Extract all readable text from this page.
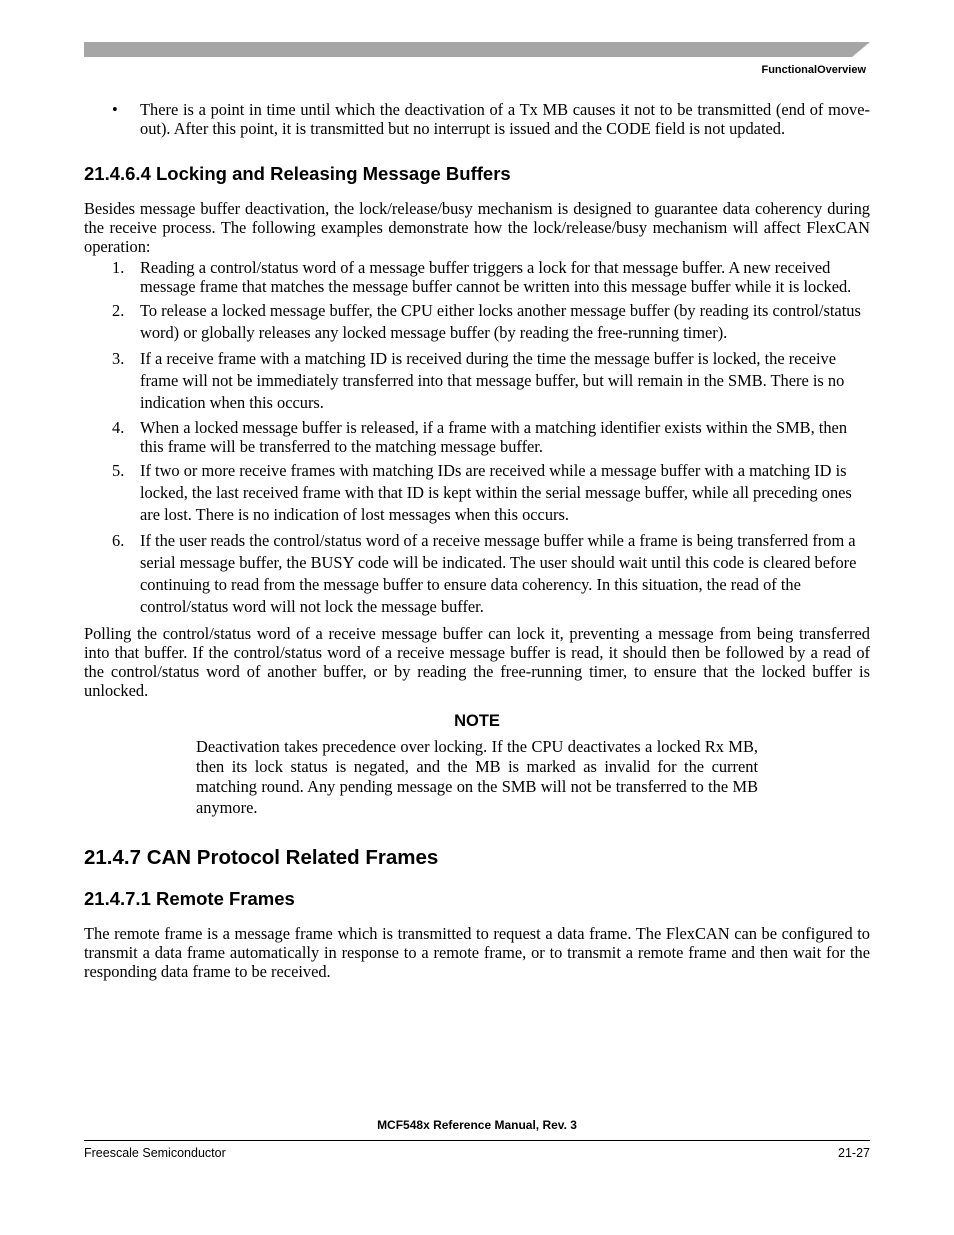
FunctionalOverview
• There is a point in time until which the deactivation of a Tx MB causes it not to be transmitted (end of move-out). After this point, it is transmitted but no interrupt is issued and the CODE field is not updated.

21.4.6.4 Locking and Releasing Message Buffers

Besides message buffer deactivation, the lock/release/busy mechanism is designed to guarantee data coherency during the receive process. The following examples demonstrate how the lock/release/busy mechanism will affect FlexCAN operation:

1. Reading a control/status word of a message buffer triggers a lock for that message buffer. A new received message frame that matches the message buffer cannot be written into this message buffer while it is locked.
2. To release a locked message buffer, the CPU either locks another message buffer (by reading its control/status word) or globally releases any locked message buffer (by reading the free-running timer).
3. If a receive frame with a matching ID is received during the time the message buffer is locked, the receive frame will not be immediately transferred into that message buffer, but will remain in the SMB. There is no indication when this occurs.
4. When a locked message buffer is released, if a frame with a matching identifier exists within the SMB, then this frame will be transferred to the matching message buffer.
5. If two or more receive frames with matching IDs are received while a message buffer with a matching ID is locked, the last received frame with that ID is kept within the serial message buffer, while all preceding ones are lost. There is no indication of lost messages when this occurs.
6. If the user reads the control/status word of a receive message buffer while a frame is being transferred from a serial message buffer, the BUSY code will be indicated. The user should wait until this code is cleared before continuing to read from the message buffer to ensure data coherency. In this situation, the read of the control/status word will not lock the message buffer.

Polling the control/status word of a receive message buffer can lock it, preventing a message from being transferred into that buffer. If the control/status word of a receive message buffer is read, it should then be followed by a read of the control/status word of another buffer, or by reading the free-running timer, to ensure that the locked buffer is unlocked.

NOTE

Deactivation takes precedence over locking. If the CPU deactivates a locked Rx MB, then its lock status is negated, and the MB is marked as invalid for the current matching round. Any pending message on the SMB will not be transferred to the MB anymore.

21.4.7 CAN Protocol Related Frames
21.4.7.1 Remote Frames

The remote frame is a message frame which is transmitted to request a data frame. The FlexCAN can be configured to transmit a data frame automatically in response to a remote frame, or to transmit a remote frame and then wait for the responding data frame to be received.

MCF548x Reference Manual, Rev. 3
Freescale Semiconductor	21-27
